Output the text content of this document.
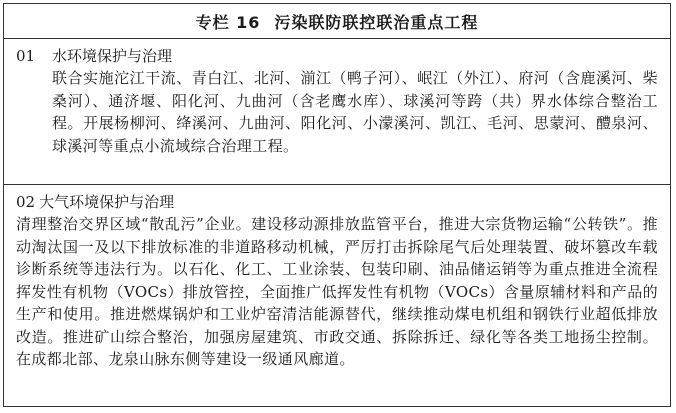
专栏 16 污染联防联控联治重点工程
01 水环境保护与治理
联合实施沱江干流、青白江、北河、湔江（鸭子河）、岷江（外江）、府河（含鹿溪河、柴桑河）、通济堰、阳化河、九曲河（含老鹰水库）、球溪河等跨（共）界水体综合整治工程。开展杨柳河、绛溪河、九曲河、阳化河、小濛溪河、凯江、毛河、思蒙河、醴泉河、球溪河等重点小流域综合治理工程。
02 大气环境保护与治理
清理整治交界区域“散乱污”企业。建设移动源排放监管平台，推进大宗货物运输“公转铁”。推动淘汰国一及以下排放标准的非道路移动机械，严厉打击拆除尾气后处理装置、破坏篡改车载诊断系统等违法行为。以石化、化工、工业涂装、包装印刷、油品储运销等为重点推进全流程挥发性有机物（VOCs）排放管控，全面推广低挥发性有机物（VOCs）含量原辅材料和产品的生产和使用。推进燃煤锅炉和工业炉窑清洁能源替代，继续推动煤电机组和钢铁行业超低排放改造。推进矿山综合整治，加强房屋建筑、市政交通、拆除拆迁、绿化等各类工地扬尘控制。在成都北部、龙泉山脉东侧等建设一级通风廊道。
